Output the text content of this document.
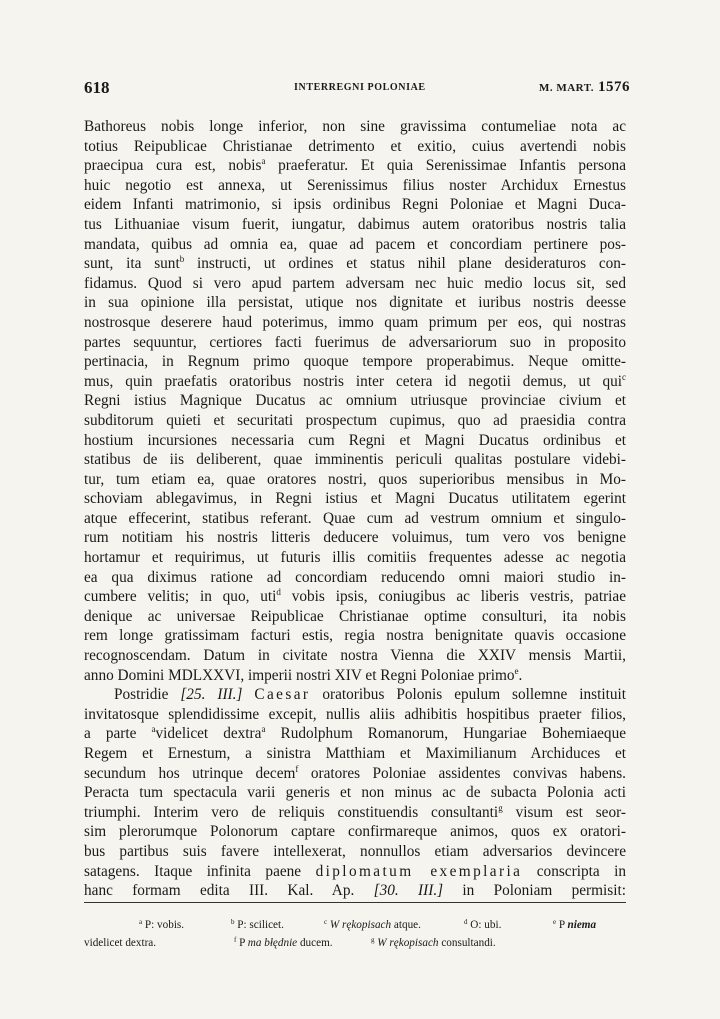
618	INTERREGNI POLONIAE	M. MART. 1576
Bathoreus nobis longe inferior, non sine gravissima contumeliae nota ac
totius Reipublicae Christianae detrimento et exitio, cuius avertendi nobis
praecipua cura est, nobis$^a$ praeferatur. Et quia Serenissimae Infantis persona
huic negotio est annexa, ut Serenissimus filius noster Archidux Ernestus
eidem Infanti matrimonio, si ipsis ordinibus Regni Poloniae et Magni Duca-
tus Lithuaniae visum fuerit, iungatur, dabimus autem oratoribus nostris talia
mandata, quibus ad omnia ea, quae ad pacem et concordiam pertinere pos-
sunt, ita sunt$^b$ instructi, ut ordines et status nihil plane desideraturos con-
fidamus. Quod si vero apud partem adversam nec huic medio locus sit, sed
in sua opinione illa persistat, utique nos dignitate et iuribus nostris deesse
nostrosque deserere haud poterimus, immo quam primum per eos, qui nostras
partes sequuntur, certiores facti fuerimus de adversariorum suo in proposito
pertinacia, in Regnum primo quoque tempore properabimus. Neque omitte-
mus, quin praefatis oratoribus nostris inter cetera id negotii demus, ut qui$^c$
Regni istius Magnique Ducatus ac omnium utriusque provinciae civium et
subditorum quieti et securitati prospectum cupimus, quo ad praesidia contra
hostium incursiones necessaria cum Regni et Magni Ducatus ordinibus et
statibus de iis deliberent, quae imminentis periculi qualitas postulare videbi-
tur, tum etiam ea, quae oratores nostri, quos superioribus mensibus in Mo-
schoviam ablegavimus, in Regni istius et Magni Ducatus utilitatem egerint
atque effecerint, statibus referant. Quae cum ad vestrum omnium et singulo-
rum notitiam his nostris litteris deducere voluimus, tum vero vos benigne
hortamur et requirimus, ut futuris illis comitiis frequentes adesse ac negotia
ea qua diximus ratione ad concordiam reducendo omni maiori studio in-
cumbere velitis; in quo, uti$^d$ vobis ipsis, coniugibus ac liberis vestris, patriae
denique ac universae Reipublicae Christianae optime consulturi, ita nobis
rem longe gratissimam facturi estis, regia nostra benignitate quavis occasione
recognoscendam. Datum in civitate nostra Vienna die XXIV mensis Martii,
anno Domini MDLXXVI, imperii nostri XIV et Regni Poloniae primo$^e$.
Postridie [25. III.] Caesar oratoribus Polonis epulum sollemne instituit
invitatosque splendidissime excepit, nullis aliis adhibitis hospitibus praeter filios,
a parte $^a$videlicet dextra$^a$ Rudolphum Romanorum, Hungariae Bohemiaeque
Regem et Ernestum, a sinistra Matthiam et Maximilianum Archiduces et
secundum hos utrinque decem$^f$ oratores Poloniae assidentes convivas habens.
Peracta tum spectacula varii generis et non minus ac de subacta Polonia acti
triumphi. Interim vero de reliquis constituendis consultanti$^g$ visum est seor-
sim plerorumque Polonorum captare confirmareque animos, quos ex oratori-
bus partibus suis favere intellexerat, nonnullos etiam adversarios devincere
satagens. Itaque infinita paene diplomatum exemplaria conscripta in
hanc formam edita III. Kal. Ap. [30. III.] in Poloniam permisit:
$^a$ P: vobis.	$^b$ P: scilicet.	$^c$ W rękopisach atque.	$^d$ O: ubi.	$^e$ P niema
videlicet dextra.	$^f$ P ma błędnie ducem.	$^g$ W rękopisach consultandi.
